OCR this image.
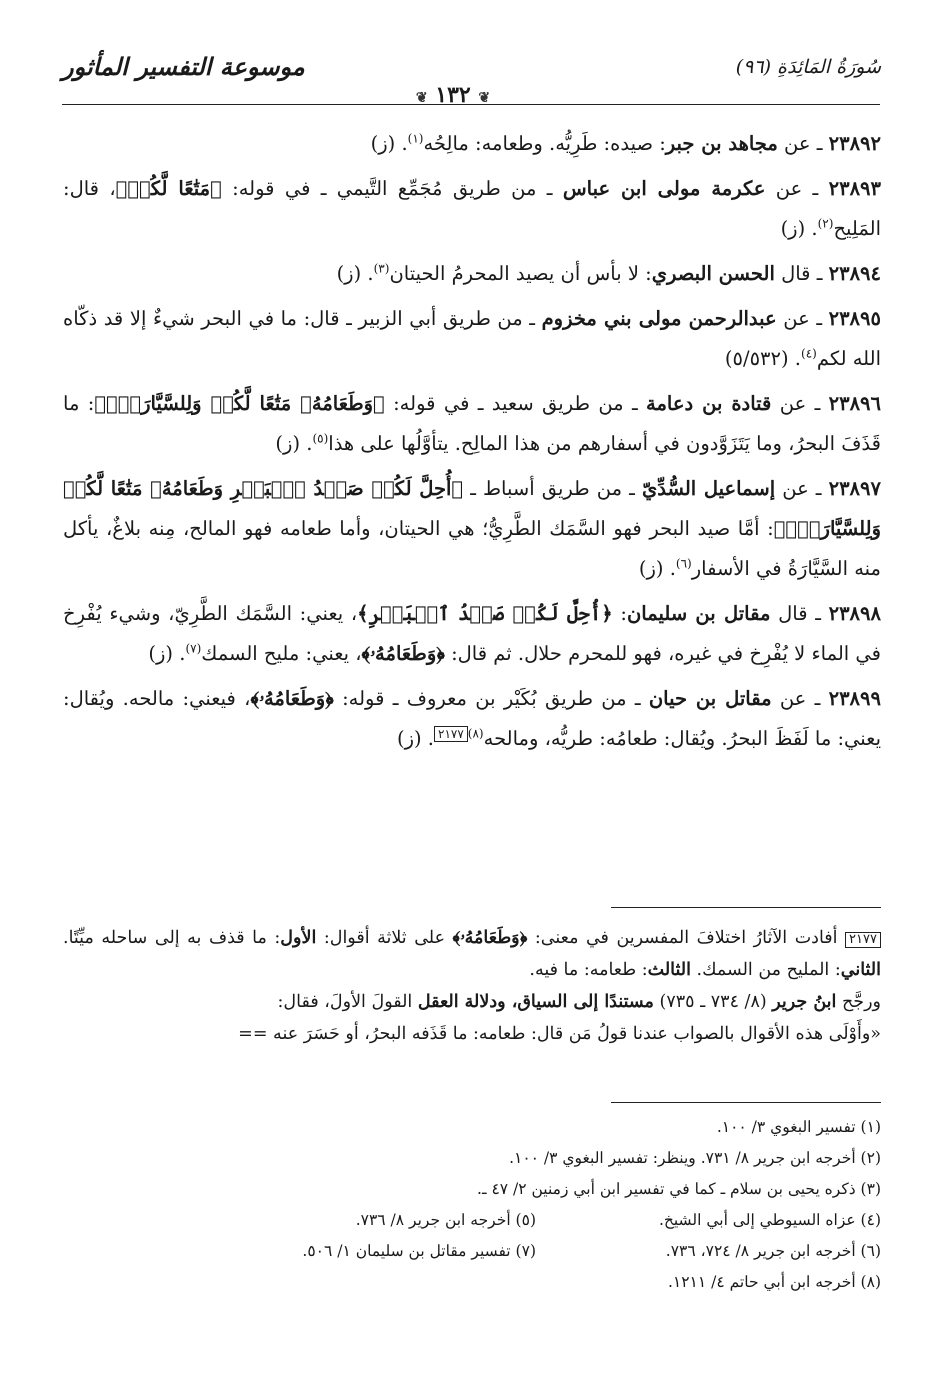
سُورَةُ المَائِدَةِ (٩٦)
موسوعة التفسير المأثور
❦ ١٣٢ ❦

٢٣٨٩٢ ـ عن مجاهد بن جبر: صيده: طَرِيُّه. وطعامه: مالِحُه$^{(١)}$. (ز)

٢٣٨٩٣ ـ عن عكرمة مولى ابن عباس ـ من طريق مُجَمِّع التَّيمي ـ في قوله: ﴿مَتَٰعًا لَّكُمۡ﴾، قال: المَلِيح$^{(٢)}$. (ز)

٢٣٨٩٤ ـ قال الحسن البصري: لا بأس أن يصيد المحرمُ الحيتان$^{(٣)}$. (ز)

٢٣٨٩٥ ـ عن عبدالرحمن مولى بني مخزوم ـ من طريق أبي الزبير ـ قال: ما في البحر شيءٌ إلا قد ذكّاه الله لكم$^{(٤)}$. (٥/٥٣٢)

٢٣٨٩٦ ـ عن قتادة بن دعامة ـ من طريق سعيد ـ في قوله: ﴿وَطَعَامُهُۥ مَتَٰعًا لَّكُمۡ وَلِلسَّيَّارَةِۖ﴾: ما قَذَفَ البحرُ، وما يَتَزَوَّدون في أسفارهم من هذا المالِح. يتأوَّلُها على هذا$^{(٥)}$. (ز)

٢٣٨٩٧ ـ عن إسماعيل السُّدِّيّ ـ من طريق أسباط ـ ﴿أُحِلَّ لَكُمۡ صَيۡدُ ٱلۡبَحۡرِ وَطَعَامُهُۥ مَتَٰعًا لَّكُمۡ وَلِلسَّيَّارَةِۖ﴾: أمَّا صيد البحر فهو السَّمَك الطَّرِيُّ؛ هي الحيتان، وأما طعامه فهو المالح، مِنه بلاغٌ، يأكل منه السَّيَّارَةُ في الأسفار$^{(٦)}$. (ز)

٢٣٨٩٨ ـ قال مقاتل بن سليمان: ﴿أُحِلَّ لَكُمۡ صَيۡدُ ٱلۡبَحۡرِ﴾، يعني: السَّمَك الطَّرِيّ، وشيء يُفْرِخ في الماء لا يُفْرِخ في غيره، فهو للمحرم حلال. ثم قال: ﴿وَطَعَامُهُۥ﴾، يعني: مليح السمك$^{(٧)}$. (ز)

٢٣٨٩٩ ـ عن مقاتل بن حيان ـ من طريق بُكَيْر بن معروف ـ قوله: ﴿وَطَعَامُهُۥ﴾، فيعني: مالحه. ويُقال: يعني: ما لَفَظَ البحرُ. ويُقال: طعامُه: طريُّه، ومالحه$^{(٨)}$٢١٧٧. (ز)

٢١٧٧ أفادت الآثارُ اختلافَ المفسرين في معنى: ﴿وَطَعَامُهُۥ﴾ على ثلاثة أقوال: الأول: ما قذف به إلى ساحله ميِّتًا. الثاني: المليح من السمك. الثالث: طعامه: ما فيه.
ورجَّح ابنُ جرير (٨/ ٧٣٤ ـ ٧٣٥) مستندًا إلى السياق، ودلالة العقل القولَ الأولَ، فقال:
«وأَوْلَى هذه الأقوال بالصواب عندنا قولُ مَن قال: طعامه: ما قَذَفه البحرُ، أو حَسَرَ عنه ==
(١) تفسير البغوي ٣/ ١٠٠.
(٢) أخرجه ابن جرير ٨/ ٧٣١. وينظر: تفسير البغوي ٣/ ١٠٠.
(٣) ذكره يحيى بن سلام ـ كما في تفسير ابن أبي زمنين ٢/ ٤٧ ـ.
(٤) عزاه السيوطي إلى أبي الشيخ.
(٥) أخرجه ابن جرير ٨/ ٧٣٦.
(٦) أخرجه ابن جرير ٨/ ٧٢٤، ٧٣٦.
(٧) تفسير مقاتل بن سليمان ١/ ٥٠٦.
(٨) أخرجه ابن أبي حاتم ٤/ ١٢١١.
